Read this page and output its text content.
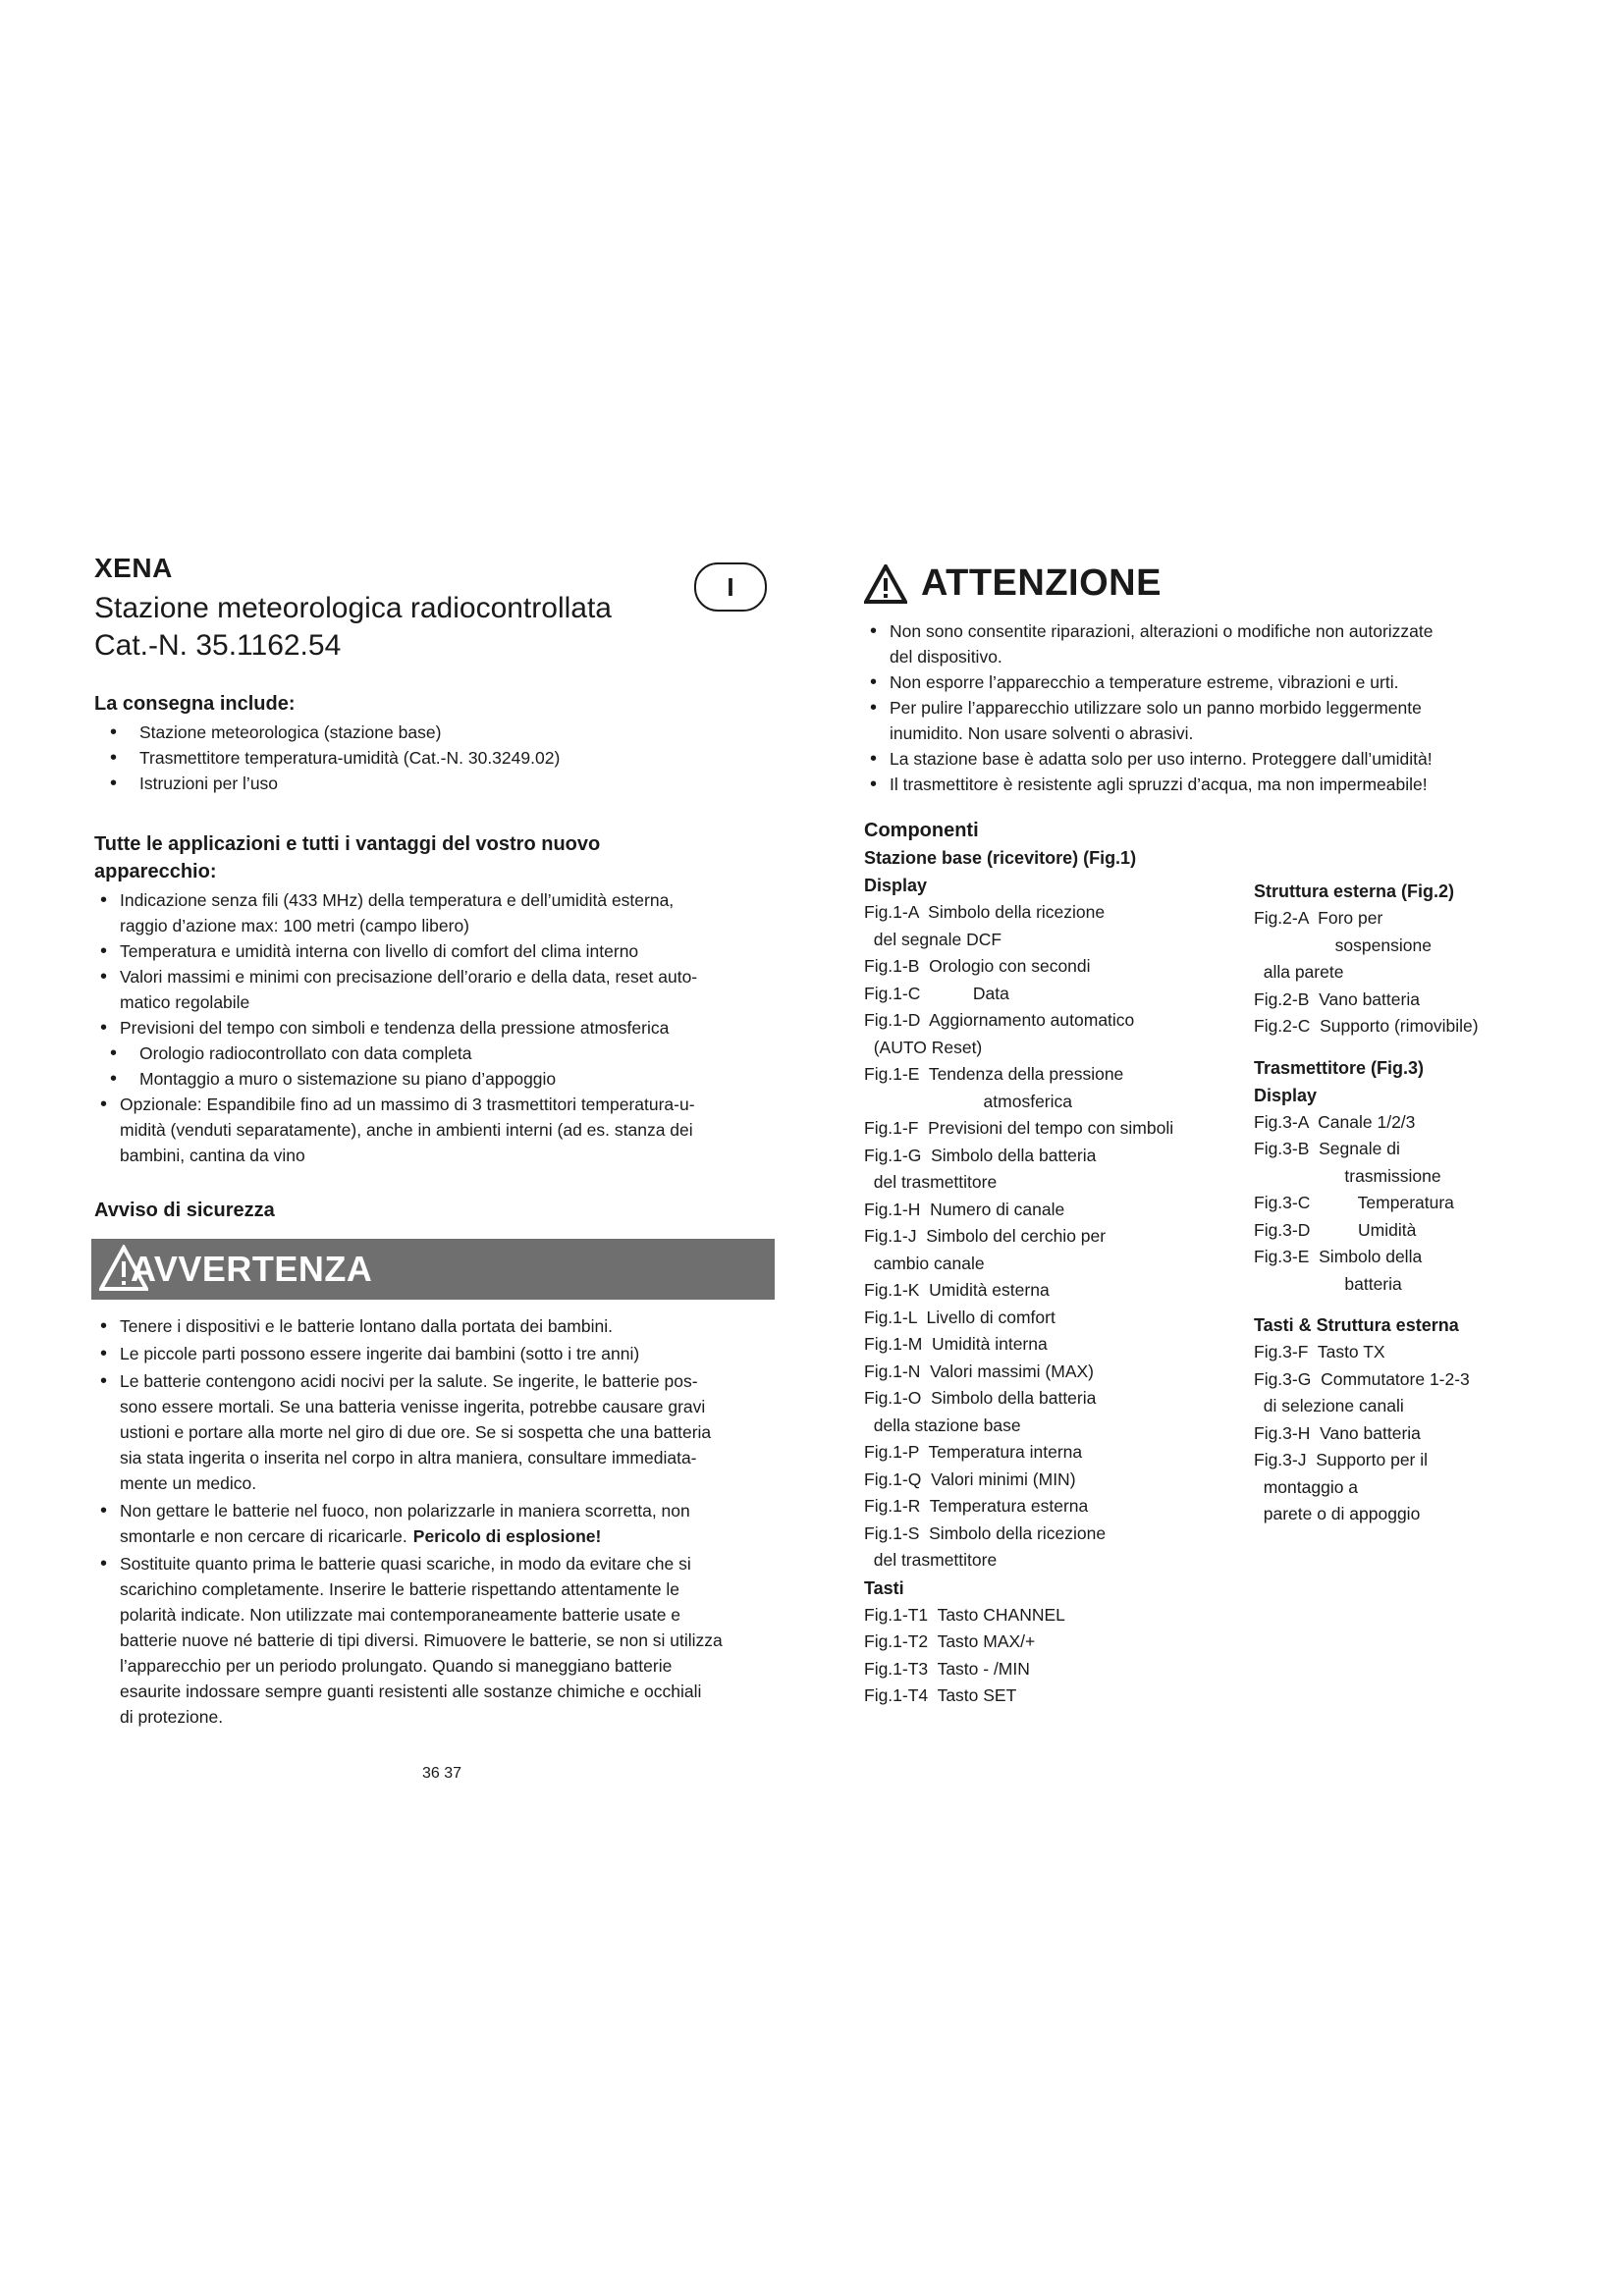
XENA
Stazione meteorologica radiocontrollata
Cat.-N. 35.1162.54
I
La consegna include:
• Stazione meteorologica (stazione base)
• Trasmettitore temperatura-umidità (Cat.-N. 30.3249.02)
• Istruzioni per l’uso
Tutte le applicazioni e tutti i vantaggi del vostro nuovo
apparecchio:
• Indicazione senza fili (433 MHz) della temperatura e dell’umidità esterna,
raggio d’azione max: 100 metri (campo libero)
• Temperatura e umidità interna con livello di comfort del clima interno
• Valori massimi e minimi con precisazione dell’orario e della data, reset auto-
matico regolabile
• Previsioni del tempo con simboli e tendenza della pressione atmosferica
• Orologio radiocontrollato con data completa
• Montaggio a muro o sistemazione su piano d’appoggio
• Opzionale: Espandibile fino ad un massimo di 3 trasmettitori temperatura-u-
midità (venduti separatamente), anche in ambienti interni (ad es. stanza dei
bambini, cantina da vino
Avviso di sicurezza
AVVERTENZA
• Tenere i dispositivi e le batterie lontano dalla portata dei bambini.
• Le piccole parti possono essere ingerite dai bambini (sotto i tre anni)
• Le batterie contengono acidi nocivi per la salute. Se ingerite, le batterie pos-
sono essere mortali. Se una batteria venisse ingerita, potrebbe causare gravi
ustioni e portare alla morte nel giro di due ore. Se si sospetta che una batteria
sia stata ingerita o inserita nel corpo in altra maniera, consultare immediata-
mente un medico.
• Non gettare le batterie nel fuoco, non polarizzarle in maniera scorretta, non
smontarle e non cercare di ricaricarle. Pericolo di esplosione!
• Sostituite quanto prima le batterie quasi scariche, in modo da evitare che si
scarichino completamente. Inserire le batterie rispettando attentamente le
polarità indicate. Non utilizzate mai contemporaneamente batterie usate e
batterie nuove né batterie di tipi diversi. Rimuovere le batterie, se non si utilizza
l’apparecchio per un periodo prolungato. Quando si maneggiano batterie
esaurite indossare sempre guanti resistenti alle sostanze chimiche e occhiali
di protezione.
36 37
ATTENZIONE
• Non sono consentite riparazioni, alterazioni o modifiche non autorizzate
del dispositivo.
• Non esporre l’apparecchio a temperature estreme, vibrazioni e urti.
• Per pulire l’apparecchio utilizzare solo un panno morbido leggermente
inumidito. Non usare solventi o abrasivi.
• La stazione base è adatta solo per uso interno. Proteggere dall’umidità!
• Il trasmettitore è resistente agli spruzzi d’acqua, ma non impermeabile!
Componenti
Stazione base (ricevitore) (Fig.1)
Display
Fig.1-A  Simbolo della ricezione
del segnale DCF
Fig.1-B  Orologio con secondi
Fig.1-C           Data
Fig.1-D  Aggiornamento automatico
(AUTO Reset)
Fig.1-E  Tendenza della pressione
atmosferica
Fig.1-F  Previsioni del tempo con simboli
Fig.1-G  Simbolo della batteria
del trasmettitore
Fig.1-H  Numero di canale
Fig.1-J  Simbolo del cerchio per
cambio canale
Fig.1-K  Umidità esterna
Fig.1-L  Livello di comfort
Fig.1-M  Umidità interna
Fig.1-N  Valori massimi (MAX)
Fig.1-O  Simbolo della batteria
della stazione base
Fig.1-P  Temperatura interna
Fig.1-Q  Valori minimi (MIN)
Fig.1-R  Temperatura esterna
Fig.1-S  Simbolo della ricezione
del trasmettitore
Tasti
Fig.1-T1  Tasto CHANNEL
Fig.1-T2  Tasto MAX/+
Fig.1-T3  Tasto - /MIN
Fig.1-T4  Tasto SET
Struttura esterna (Fig.2)
Fig.2-A  Foro per
sospensione
alla parete
Fig.2-B  Vano batteria
Fig.2-C  Supporto (rimovibile)
Trasmettitore (Fig.3)
Display
Fig.3-A  Canale 1/2/3
Fig.3-B  Segnale di
trasmissione
Fig.3-C          Temperatura
Fig.3-D          Umidità
Fig.3-E  Simbolo della
batteria
Tasti & Struttura esterna
Fig.3-F  Tasto TX
Fig.3-G  Commutatore 1-2-3
di selezione canali
Fig.3-H  Vano batteria
Fig.3-J  Supporto per il
montaggio a
parete o di appoggio
